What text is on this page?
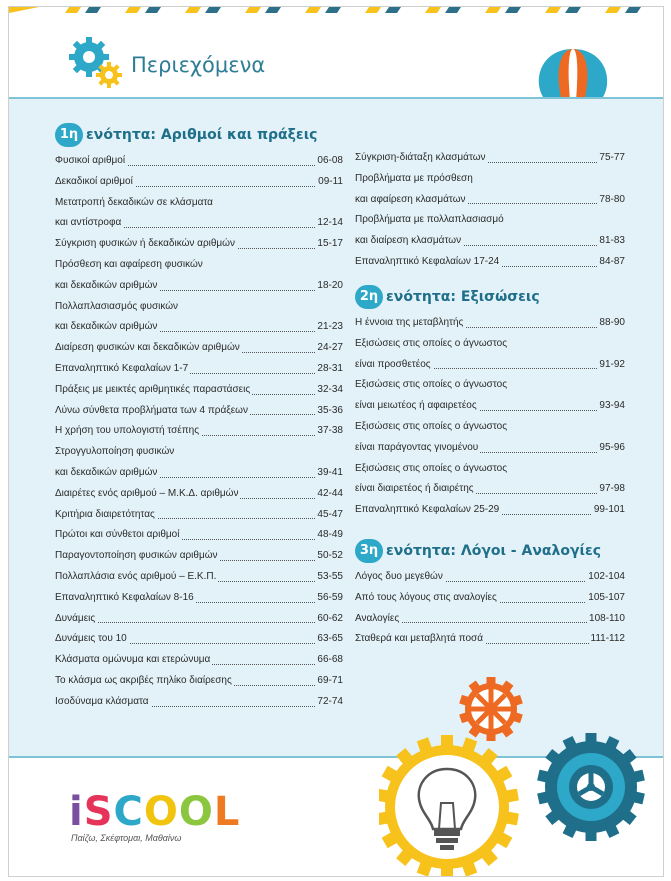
Περιεχόμενα
1η ενότητα: Αριθμοί και πράξεις
Φυσικοί αριθμοί	06-08
Δεκαδικοί αριθμοί	09-11
Μετατροπή δεκαδικών σε κλάσματα
και αντίστροφα	12-14
Σύγκριση φυσικών ή δεκαδικών αριθμών	15-17
Πρόσθεση και αφαίρεση φυσικών
και δεκαδικών αριθμών	18-20
Πολλαπλασιασμός φυσικών
και δεκαδικών αριθμών	21-23
Διαίρεση φυσικών και δεκαδικών αριθμών	24-27
Επαναληπτικό Κεφαλαίων 1-7	28-31
Πράξεις με μεικτές αριθμητικές παραστάσεις	32-34
Λύνω σύνθετα προβλήματα των 4 πράξεων	35-36
Η χρήση του υπολογιστή τσέπης	37-38
Στρογγυλοποίηση φυσικών
και δεκαδικών αριθμών	39-41
Διαιρέτες ενός αριθμού – Μ.Κ.Δ. αριθμών	42-44
Κριτήρια διαιρετότητας	45-47
Πρώτοι και σύνθετοι αριθμοί	48-49
Παραγοντοποίηση φυσικών αριθμών	50-52
Πολλαπλάσια ενός αριθμού – Ε.Κ.Π.	53-55
Επαναληπτικό Κεφαλαίων 8-16	56-59
Δυνάμεις	60-62
Δυνάμεις του 10	63-65
Κλάσματα ομώνυμα και ετερώνυμα	66-68
Το κλάσμα ως ακριβές πηλίκο διαίρεσης	69-71
Ισοδύναμα κλάσματα	72-74
Σύγκριση-διάταξη κλασμάτων	75-77
Προβλήματα με πρόσθεση
και αφαίρεση κλασμάτων	78-80
Προβλήματα με πολλαπλασιασμό
και διαίρεση κλασμάτων	81-83
Επαναληπτικό Κεφαλαίων 17-24	84-87
2η ενότητα: Εξισώσεις
Η έννοια της μεταβλητής	88-90
Εξισώσεις στις οποίες ο άγνωστος
είναι προσθετέος	91-92
Εξισώσεις στις οποίες ο άγνωστος
είναι μειωτέος ή αφαιρετέος	93-94
Εξισώσεις στις οποίες ο άγνωστος
είναι παράγοντας γινομένου	95-96
Εξισώσεις στις οποίες ο άγνωστος
είναι διαιρετέος ή διαιρέτης	97-98
Επαναληπτικό Κεφαλαίων 25-29	99-101
3η ενότητα: Λόγοι - Αναλογίες
Λόγος δυο μεγεθών	102-104
Από τους λόγους στις αναλογίες	105-107
Αναλογίες	108-110
Σταθερά και μεταβλητά ποσά	111-112
iSCOOL
Παίζω, Σκέφτομαι, Μαθαίνω
